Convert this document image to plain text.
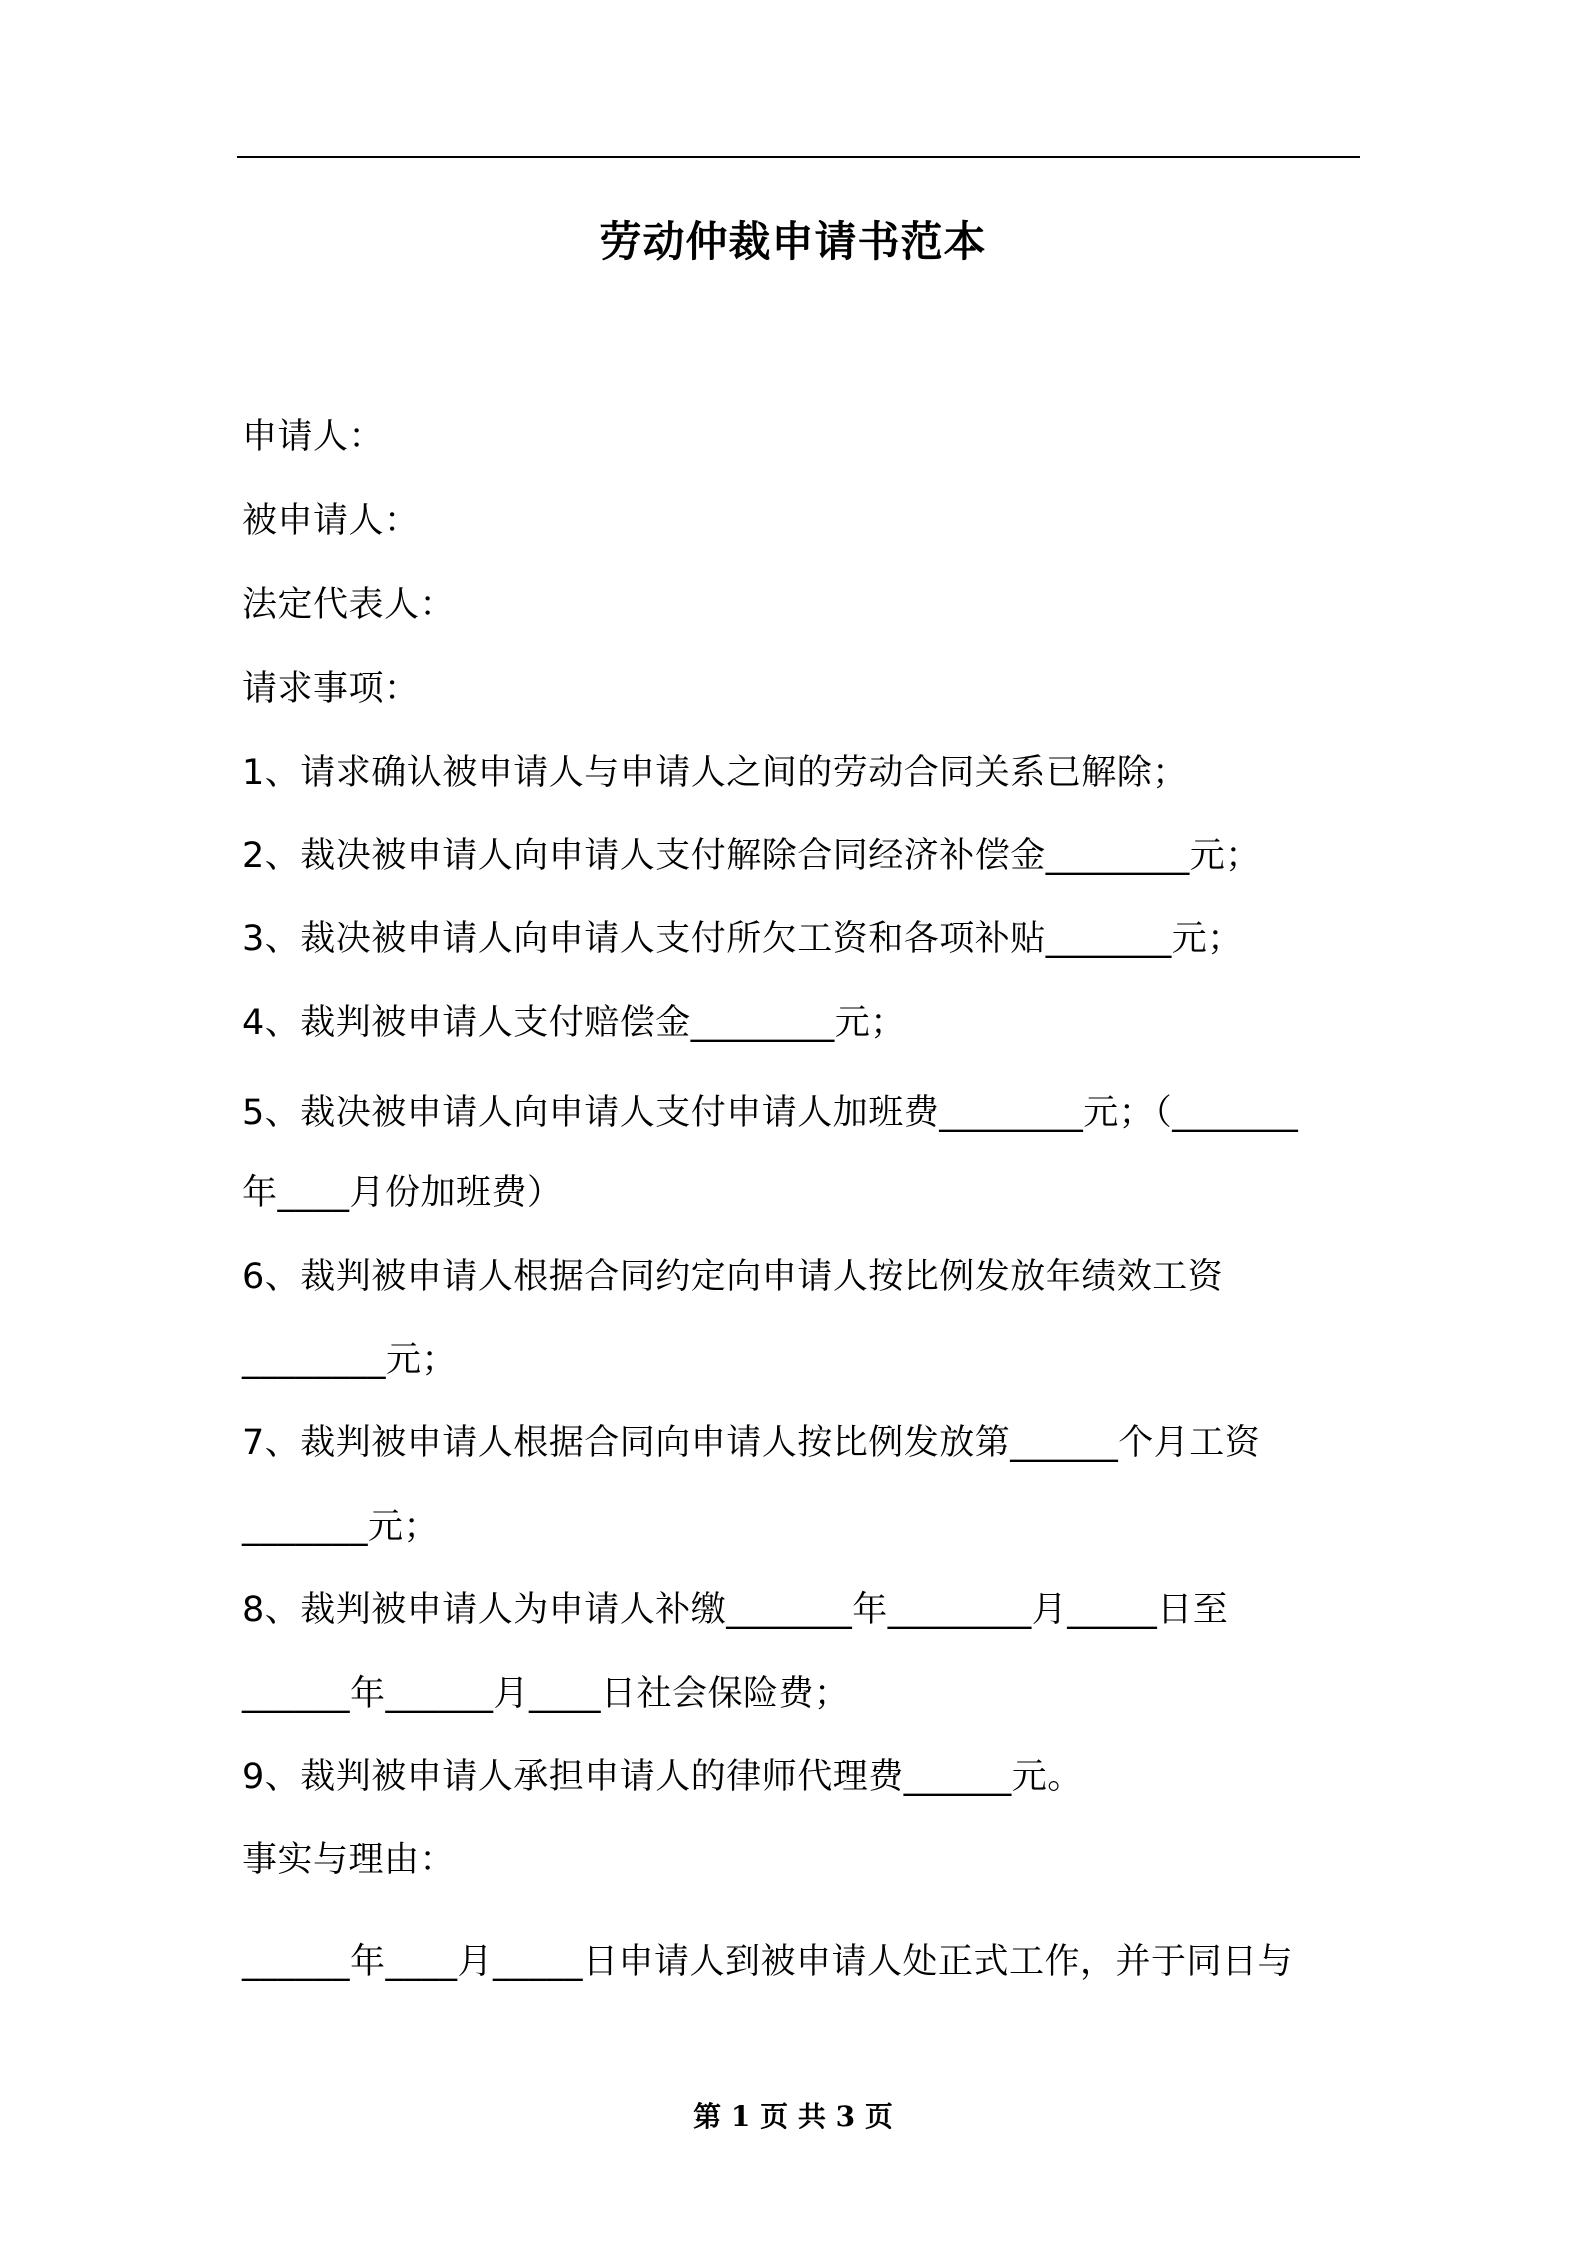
劳动仲裁申请书范本
申请人：
被申请人：
法定代表人：
请求事项：
1、请求确认被申请人与申请人之间的劳动合同关系已解除；
2、裁决被申请人向申请人支付解除合同经济补偿金________元；
3、裁决被申请人向申请人支付所欠工资和各项补贴_______元；
4、裁判被申请人支付赔偿金________元；
5、裁决被申请人向申请人支付申请人加班费________元；（_______
年____月份加班费）
6、裁判被申请人根据合同约定向申请人按比例发放年绩效工资
________元；
7、裁判被申请人根据合同向申请人按比例发放第______个月工资
_______元；
8、裁判被申请人为申请人补缴_______年________月_____日至
______年______月____日社会保险费；
9、裁判被申请人承担申请人的律师代理费______元。
事实与理由：
______年____月_____日申请人到被申请人处正式工作，并于同日与
第 1 页 共 3 页
